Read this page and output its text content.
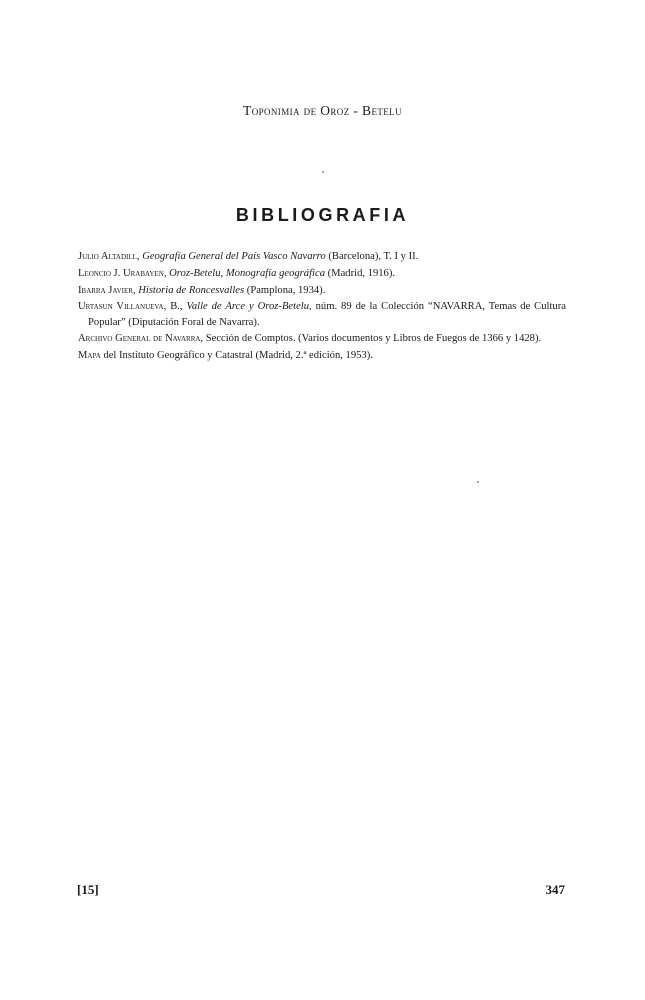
Toponimia de Oroz - Betelu
BIBLIOGRAFIA

Julio Altadill, Geografía General del País Vasco Navarro (Barcelona), T. I y II.

Leoncio J. Urabayen, Oroz-Betelu, Monografía geográfica (Madrid, 1916).

Ibarra Javier, Historia de Roncesvalles (Pamplona, 1934).

Urtasun Villanueva, B., Valle de Arce y Oroz-Betelu, núm. 89 de la Colección “NAVARRA, Temas de Cultura Popular” (Diputación Foral de Navarra).

Archivo General de Navarra, Sección de Comptos. (Varios documentos y Libros de Fuegos de 1366 y 1428).

Mapa del Instituto Geográfico y Catastral (Madrid, 2.ª edición, 1953).

[15]	347
